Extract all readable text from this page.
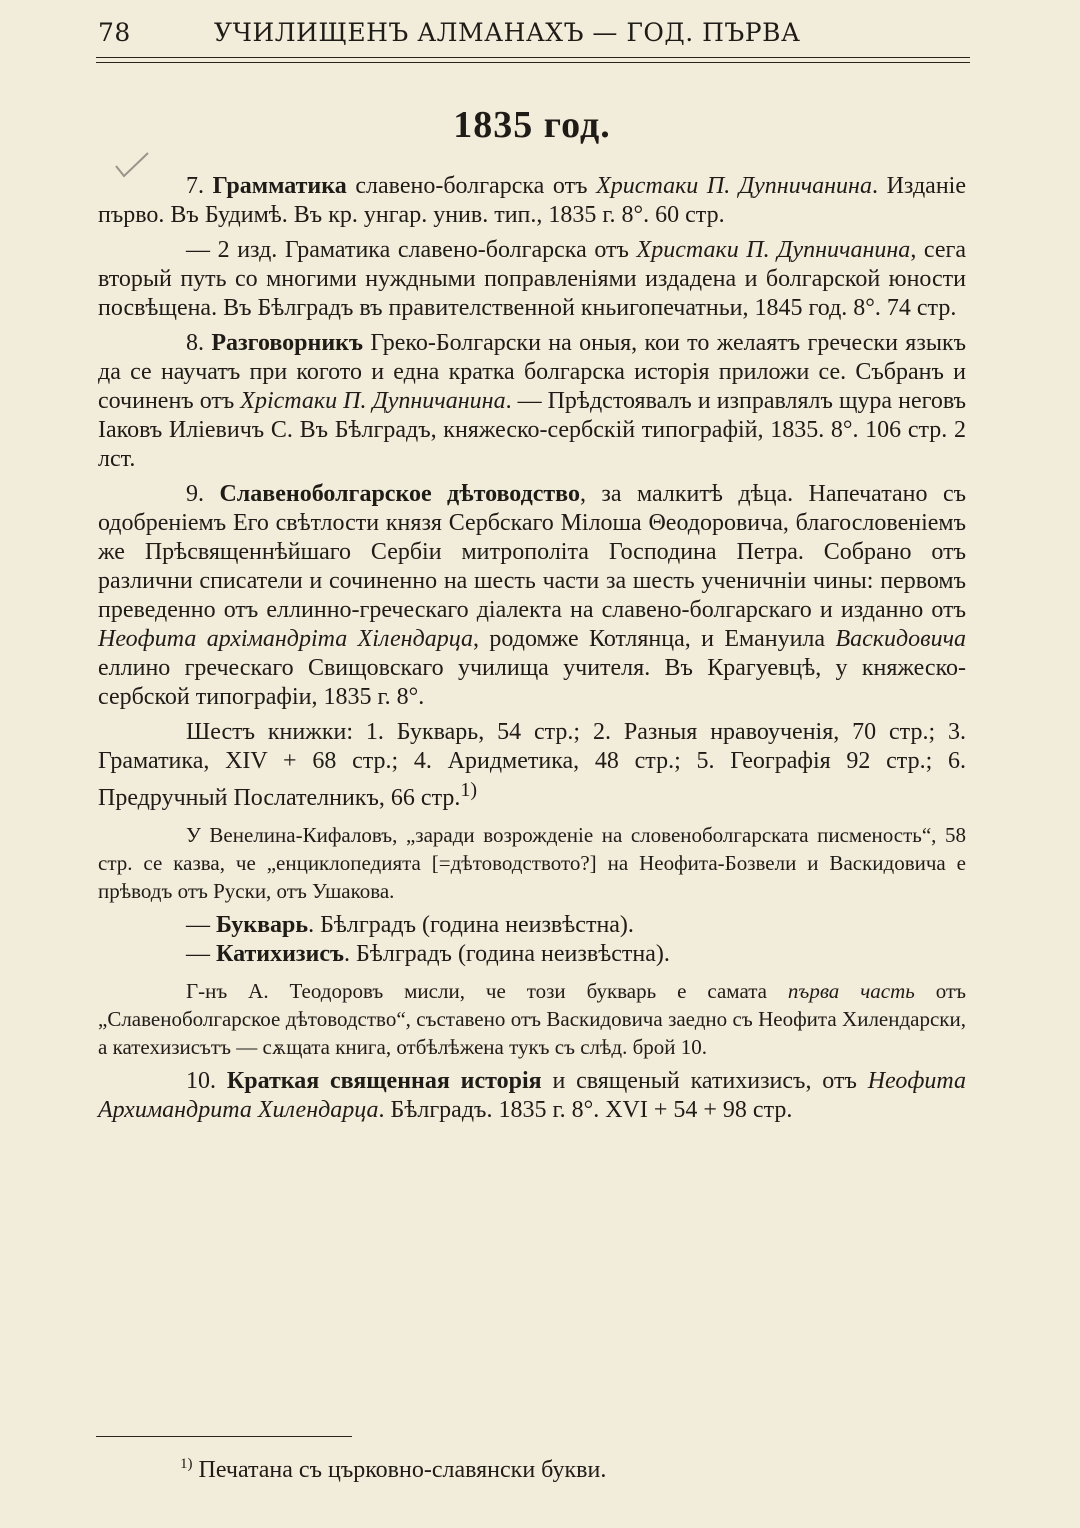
78	УЧИЛИЩЕНЪ АЛМАНАХЪ — ГОД. ПЪРВА
1835 год.

7. Грамматика славено-болгарска отъ Христаки П. Дупничанина. Изданіе първо. Въ Будимѣ. Въ кр. унгар. унив. тип., 1835 г. 8°. 60 стр.

— 2 изд. Граматика славено-болгарска отъ Христаки П. Дупничанина, сега вторый путь со многими нуждными поправленіями издадена и болгарской юности посвѣщена. Въ Бѣлградъ въ правителственной кньигопечатньи, 1845 год. 8°. 74 стр.

8. Разговорникъ Греко-Болгарски на оныя, кои то желаятъ гречески языкъ да се научатъ при когото и една кратка болгарска исторія приложи се. Събранъ и сочиненъ отъ Хрістаки П. Дупничанина. — Прѣдстоявалъ и изправлялъ щура неговъ Іаковъ Иліевичъ С. Въ Бѣлградъ, княжеско-сербскій типографій, 1835. 8°. 106 стр. 2 лст.

9. Славеноболгарское дѣтоводство, за малкитѣ дѣца. Напечатано съ одобреніемъ Его свѣтлости князя Сербскаго Мілоша Θеодоровича, благословеніемъ же Прѣсвященнѣйшаго Сербіи митрополіта Господина Петра. Собрано отъ различни списатели и сочиненно на шесть части за шесть ученичніи чины: первомъ преведенно отъ еллинно-греческаго діалекта на славено-болгарскаго и изданно отъ Неофита архімандріта Хілендарца, родомже Котлянца, и Емануила Васкидовича еллино греческаго Свищовскаго училища учителя. Въ Крагуевцѣ, у княжеско-сербской типографіи, 1835 г. 8°.

Шестъ книжки: 1. Букварь, 54 стр.; 2. Разныя нравоученія, 70 стр.; 3. Граматика, XIV + 68 стр.; 4. Аридметика, 48 стр.; 5. Географія 92 стр.; 6. Предручный Послателникъ, 66 стр.$^{1)}$

У Венелина-Кифаловъ, „заради возрожденіе на словеноболгарската писменость“, 58 стр. се казва, че „енциклопедията [=дѣтоводството?] на Неофита-Бозвели и Васкидовича е прѣводъ отъ Руски, отъ Ушакова.

— Букварь. Бѣлградъ (година неизвѣстна).

— Катихизисъ. Бѣлградъ (година неизвѣстна).

Г-нъ А. Теодоровъ мисли, че този букварь е самата първа часть отъ „Славеноболгарское дѣтоводство“, съставено отъ Васкидовича заедно съ Неофита Хилендарски, а катехизисътъ — сѫщата книга, отбѣлѣжена тукъ съ слѣд. брой 10.

10. Краткая священная исторія и священый катихизисъ, отъ Неофита Архимандрита Хилендарца. Бѣлградъ. 1835 г. 8°. XVI + 54 + 98 стр.

$^{1)}$ Печатана съ църковно-славянски букви.
